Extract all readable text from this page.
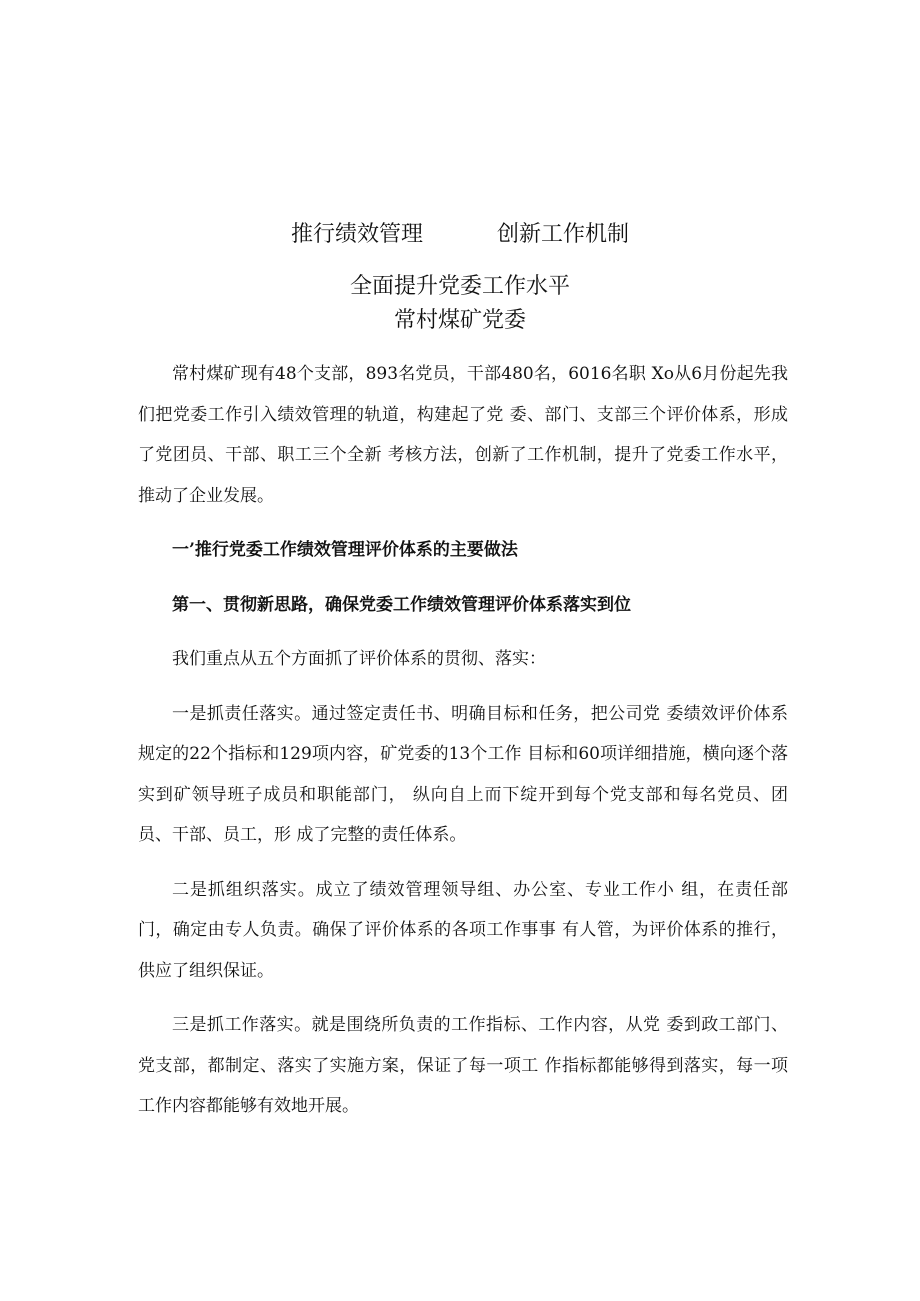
推行绩效管理	创新工作机制
全面提升党委工作水平
常村煤矿党委

常村煤矿现有48个支部，893名党员，干部480名，6016名职 Xo从6月份起先我们把党委工作引入绩效管理的轨道，构建起了党 委、部门、支部三个评价体系，形成了党团员、干部、职工三个全新 考核方法，创新了工作机制，提升了党委工作水平，推动了企业发展。

一’推行党委工作绩效管理评价体系的主要做法

第一、贯彻新思路，确保党委工作绩效管理评价体系落实到位

我们重点从五个方面抓了评价体系的贯彻、落实：

一是抓责任落实。通过签定责任书、明确目标和任务，把公司党 委绩效评价体系规定的22个指标和129项内容，矿党委的13个工作 目标和60项详细措施，横向逐个落实到矿领导班子成员和职能部门， 纵向自上而下绽开到每个党支部和每名党员、团员、干部、员工，形 成了完整的责任体系。

二是抓组织落实。成立了绩效管理领导组、办公室、专业工作小 组，在责任部门，确定由专人负责。确保了评价体系的各项工作事事 有人管，为评价体系的推行，供应了组织保证。

三是抓工作落实。就是围绕所负责的工作指标、工作内容，从党 委到政工部门、党支部，都制定、落实了实施方案，保证了每一项工 作指标都能够得到落实，每一项工作内容都能够有效地开展。
